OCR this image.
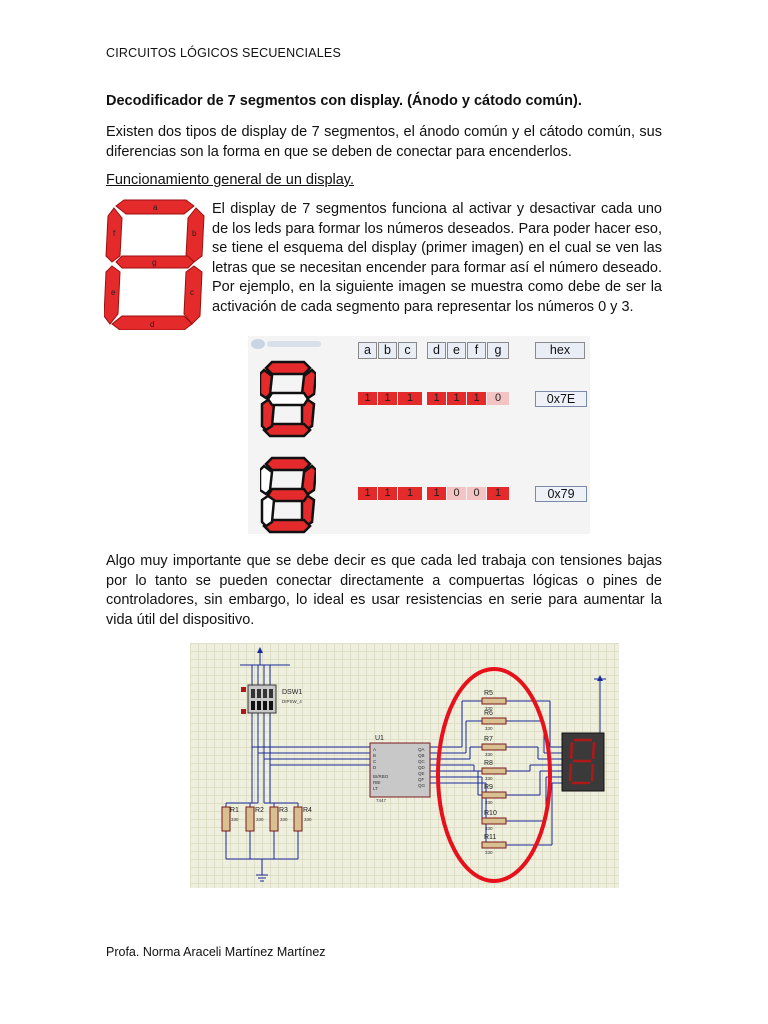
CIRCUITOS LÓGICOS SECUENCIALES
Decodificador de 7 segmentos con display. (Ánodo y cátodo común).
Existen dos tipos de display de 7 segmentos, el ánodo común y el cátodo común, sus diferencias son la forma en que se deben de conectar para encenderlos.
Funcionamiento general de un display.
a
b
c
d
e
f
g
El display de 7 segmentos funciona al activar y desactivar cada uno de los leds para formar los números deseados. Para poder hacer eso, se tiene el esquema del display (primer imagen) en el cual se ven las letras que se necesitan encender para formar así el número deseado. Por ejemplo, en la siguiente imagen se muestra como debe de ser la activación de cada segmento para representar los números 0 y 3.
a	b	c	d	e	f	g	hex
1	1	1	1	1	1	0	0x7E
1	1	1	1	0	0	1	0x79
Algo muy importante que se debe decir es que cada led trabaja con tensiones bajas por lo tanto se pueden conectar directamente a compuertas lógicas o pines de controladores, sin embargo, lo ideal es usar resistencias en serie para aumentar la vida útil del dispositivo.
DSW1
DIPSW_4
U1
7447
R1 R2 R3 R4
330	330	330	330
R5
R6
R7
R8
R9
R10
R11
330
330
330
330
330
330
330
A
B
C
D
BI/RBO
RBI
LT
QA
QB
QC
QD
QE
QF
QG
Profa. Norma Araceli Martínez Martínez
